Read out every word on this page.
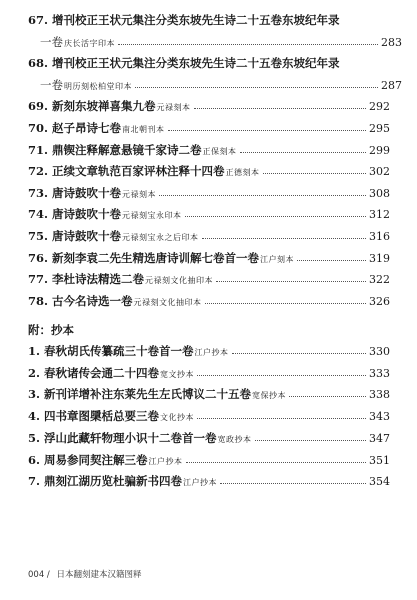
67. 增刊校正王状元集注分类东坡先生诗二十五卷东坡纪年录
一卷 庆长活字印本	283
68. 增刊校正王状元集注分类东坡先生诗二十五卷东坡纪年录
一卷 明历刻松柏堂印本	287
69. 新刻东坡禅喜集九卷 元禄刻本	292
70. 赵子昂诗七卷 南北朝刊本	295
71. 鼎锲注释解意悬镜千家诗二卷 正保刻本	299
72. 正续文章轨范百家评林注释十四卷 正德刻本	302
73. 唐诗鼓吹十卷 元禄刻本	308
74. 唐诗鼓吹十卷 元禄刻宝永印本	312
75. 唐诗鼓吹十卷 元禄刻宝永之后印本	316
76. 新刻李袁二先生精选唐诗训解七卷首一卷 江户刻本	319
77. 李杜诗法精选二卷 元禄刻文化抽印本	322
78. 古今名诗选一卷 元禄刻文化抽印本	326
附：抄本
1. 春秋胡氏传纂疏三十卷首一卷 江户抄本	330
2. 春秋诸传会通二十四卷 宽文抄本	333
3. 新刊详增补注东莱先生左氏博议二十五卷 宽保抄本	338
4. 四书章图檃栝总要三卷 文化抄本	343
5. 浮山此藏轩物理小识十二卷首一卷 宽政抄本	347
6. 周易参同契注解三卷 江户抄本	351
7. 鼎刻江湖历览杜骗新书四卷 江户抄本	354
004 / 日本翻刻建本汉籍图释
